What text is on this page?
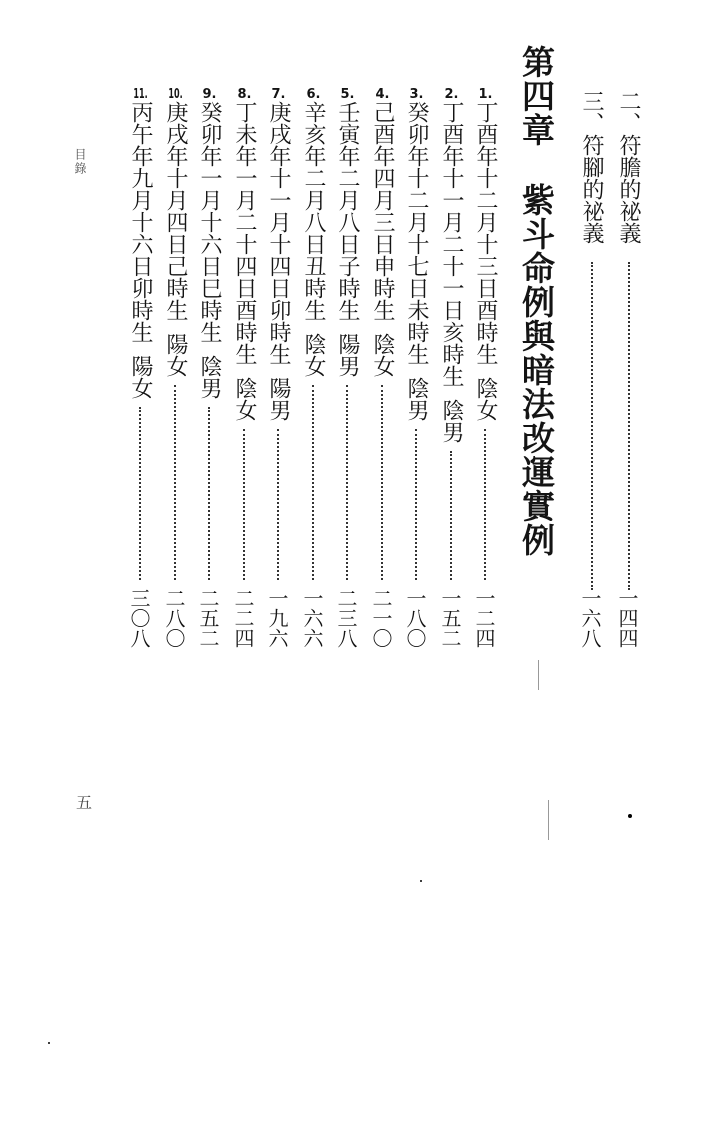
目錄
五
二、符膽的祕義
一四四
三、符腳的祕義
一六八
第四章紫斗命例與暗法改運實例
1.丁酉年十二月十三日酉時生陰女
一二四
2.丁酉年十一月二十一日亥時生陰男
一五二
3.癸卯年十二月十七日未時生陰男
一八〇
4.己酉年四月三日申時生陰女
二一〇
5.壬寅年二月八日子時生陽男
二三八
6.辛亥年二月八日丑時生陰女
一六六
7.庚戌年十一月十四日卯時生陽男
一九六
8.丁未年一月二十四日酉時生陰女
二二四
9.癸卯年一月十六日巳時生陰男
二五二
10.庚戌年十月四日己時生陽女
二八〇
11.丙午年九月十六日卯時生陽女
三〇八
